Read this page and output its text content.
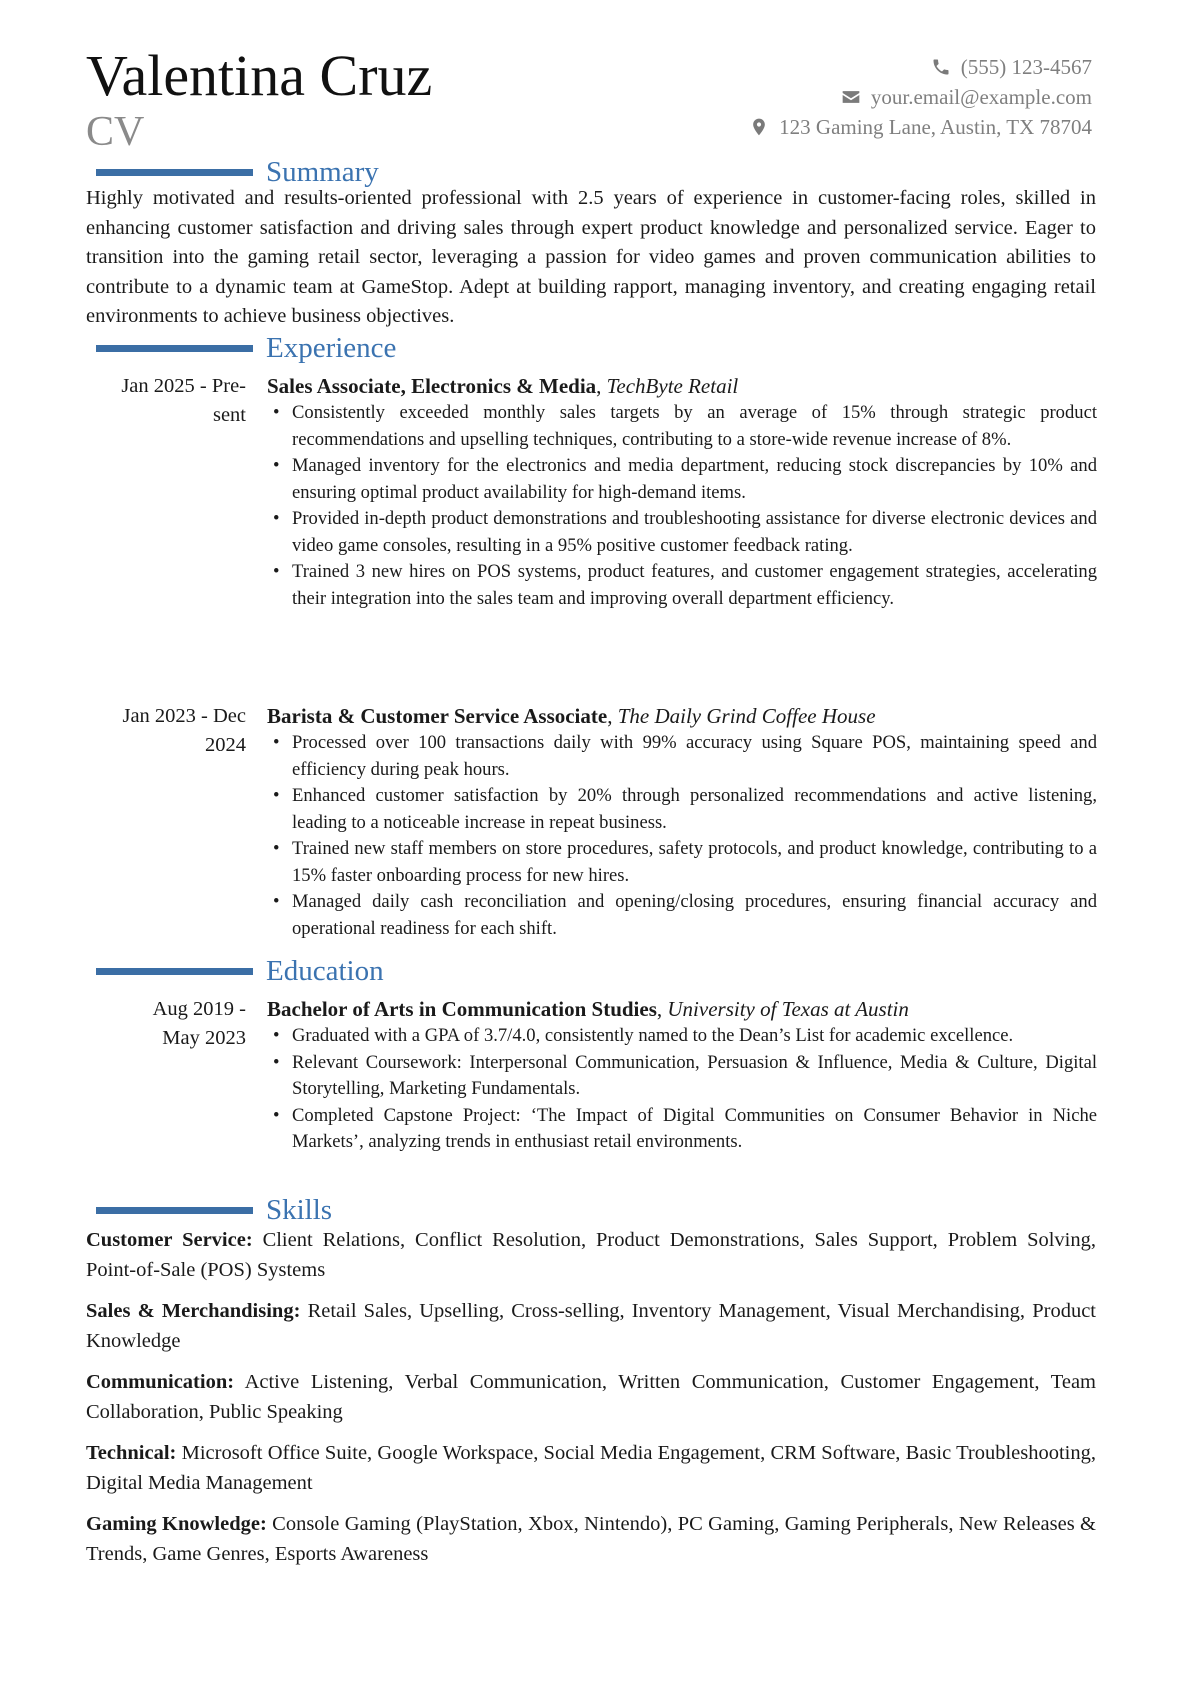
Valentina Cruz
CV
(555) 123-4567
your.email@example.com
123 Gaming Lane, Austin, TX 78704
Summary
Highly motivated and results-oriented professional with 2.5 years of experience in customer-facing roles, skilled in enhancing customer satisfaction and driving sales through expert product knowledge and personalized service. Eager to transition into the gaming retail sector, leveraging a passion for video games and proven communication abilities to contribute to a dynamic team at GameStop. Adept at building rapport, managing inventory, and creating engaging retail environments to achieve business objectives.
Experience
Jan 2025 - Pre-
sent
Sales Associate, Electronics & Media, TechByte Retail
• Consistently exceeded monthly sales targets by an average of 15% through strategic product recommendations and upselling techniques, contributing to a store-wide revenue increase of 8%.
• Managed inventory for the electronics and media department, reducing stock discrepancies by 10% and ensuring optimal product availability for high-demand items.
• Provided in-depth product demonstrations and troubleshooting assistance for diverse electronic devices and video game consoles, resulting in a 95% positive customer feedback rating.
• Trained 3 new hires on POS systems, product features, and customer engagement strategies, accelerating their integration into the sales team and improving overall department efficiency.
Jan 2023 - Dec
2024
Barista & Customer Service Associate, The Daily Grind Coffee House
• Processed over 100 transactions daily with 99% accuracy using Square POS, maintaining speed and efficiency during peak hours.
• Enhanced customer satisfaction by 20% through personalized recommendations and active listening, leading to a noticeable increase in repeat business.
• Trained new staff members on store procedures, safety protocols, and product knowledge, contributing to a 15% faster onboarding process for new hires.
• Managed daily cash reconciliation and opening/closing procedures, ensuring financial accuracy and operational readiness for each shift.
Education
Aug 2019 -
May 2023
Bachelor of Arts in Communication Studies, University of Texas at Austin
• Graduated with a GPA of 3.7/4.0, consistently named to the Dean’s List for academic excellence.
• Relevant Coursework: Interpersonal Communication, Persuasion & Influence, Media & Culture, Digital Storytelling, Marketing Fundamentals.
• Completed Capstone Project: ‘The Impact of Digital Communities on Consumer Behavior in Niche Markets’, analyzing trends in enthusiast retail environments.
Skills
Customer Service: Client Relations, Conflict Resolution, Product Demonstrations, Sales Support, Problem Solving, Point-of-Sale (POS) Systems
Sales & Merchandising: Retail Sales, Upselling, Cross-selling, Inventory Management, Visual Merchandising, Product Knowledge
Communication: Active Listening, Verbal Communication, Written Communication, Customer Engagement, Team Collaboration, Public Speaking
Technical: Microsoft Office Suite, Google Workspace, Social Media Engagement, CRM Software, Basic Troubleshooting, Digital Media Management
Gaming Knowledge: Console Gaming (PlayStation, Xbox, Nintendo), PC Gaming, Gaming Peripherals, New Releases & Trends, Game Genres, Esports Awareness
